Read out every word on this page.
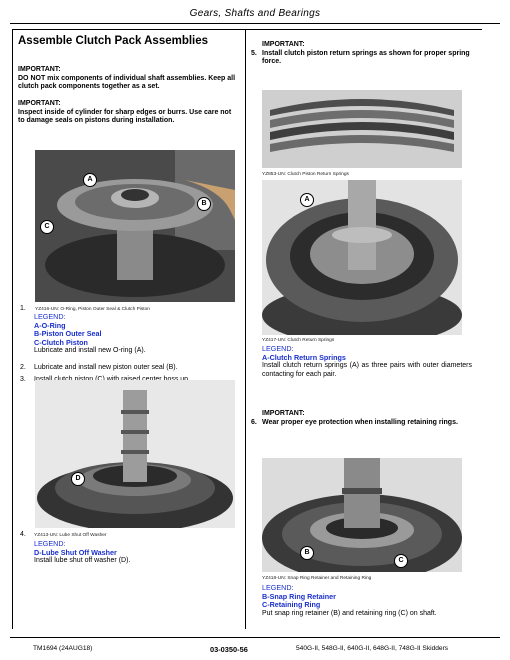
Gears, Shafts and Bearings
Assemble Clutch Pack Assemblies
IMPORTANT:
DO NOT mix components of individual shaft assemblies. Keep all clutch pack components together as a set.
IMPORTANT:
Inspect inside of cylinder for sharp edges or burrs. Use care not to damage seals on pistons during installation.
A
B
C
YZ416-UN: O-Ring, Piston Outer Seal & Clutch Piston
1.
LEGEND:
A-O-Ring
B-Piston Outer Seal
C-Clutch Piston
Lubricate and install new O-ring (A).
2. Lubricate and install new piston outer seal (B).
3.
D
YZ413-UN: Lube Shut Off Washer
4.
LEGEND:
D-Lube Shut Off Washer
Install lube shut off washer (D).
IMPORTANT:
5. Install clutch piston return springs as shown for proper spring force.
YZ853-UN: Clutch Piston Return Springs
A
YZ417-UN: Clutch Return Springs
LEGEND:
A-Clutch Return Springs
Install clutch return springs (A) as three pairs with outer diameters contacting for each pair.
IMPORTANT:
6. Wear proper eye protection when installing retaining rings.
B
C
YZ418-UN: Snap Ring Retainer and Retaining Ring
LEGEND:
B-Snap Ring Retainer
C-Retaining Ring
Put snap ring retainer (B) and retaining ring (C) on shaft.
TM1694 (24AUG18)	03-0350-56	540G-II, 548G-II, 640G-II, 648G-II, 748G-II Skidders
